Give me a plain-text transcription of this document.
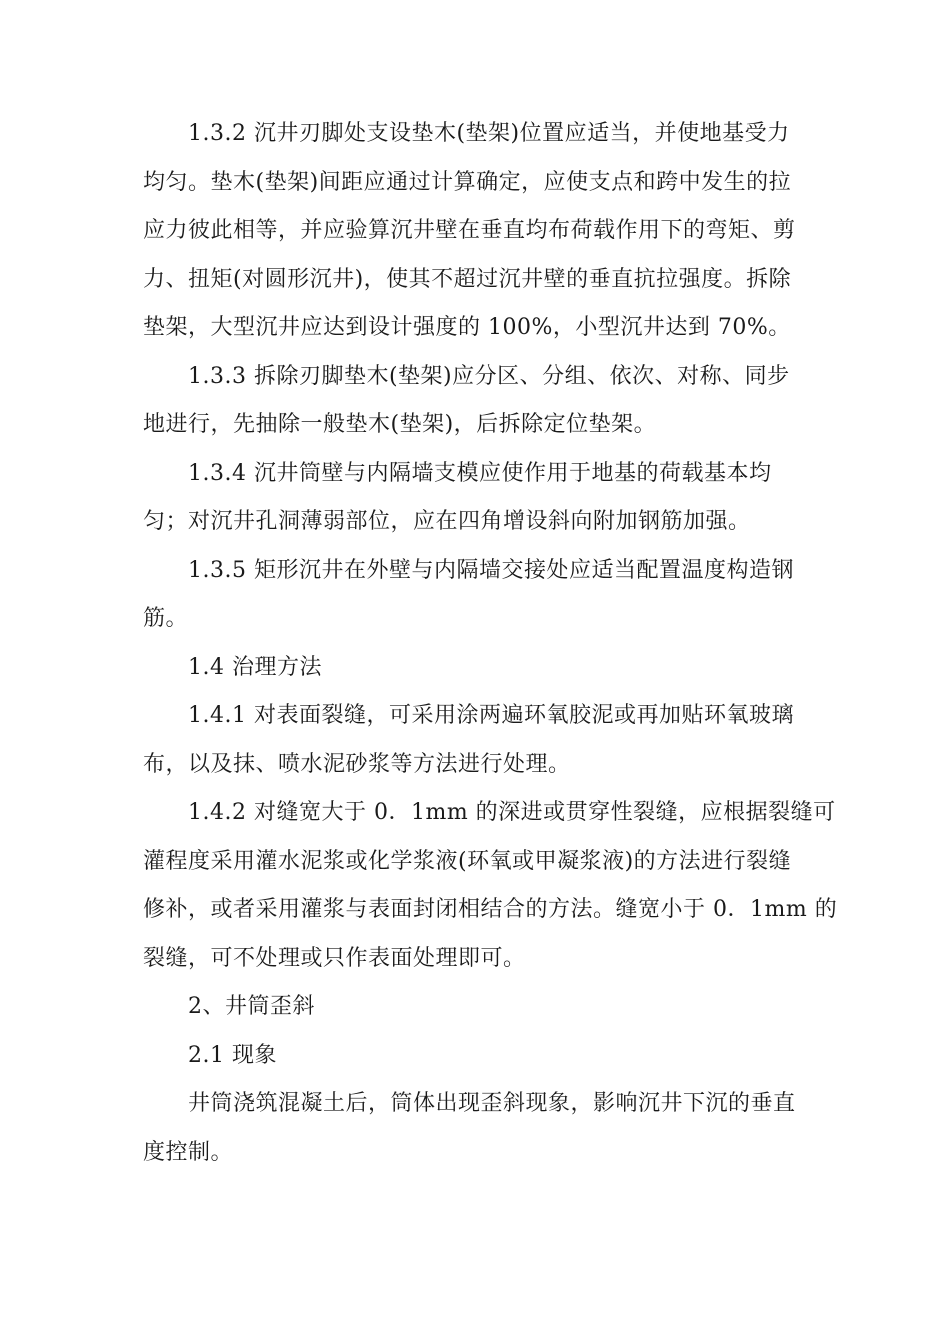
1.3.2 沉井刃脚处支设垫木(垫架)位置应适当，并使地基受力
均匀。垫木(垫架)间距应通过计算确定，应使支点和跨中发生的拉
应力彼此相等，并应验算沉井壁在垂直均布荷载作用下的弯矩、剪
力、扭矩(对圆形沉井)，使其不超过沉井壁的垂直抗拉强度。拆除
垫架，大型沉井应达到设计强度的 100%，小型沉井达到 70%。
1.3.3 拆除刃脚垫木(垫架)应分区、分组、依次、对称、同步
地进行，先抽除一般垫木(垫架)，后拆除定位垫架。
1.3.4 沉井筒壁与内隔墙支模应使作用于地基的荷载基本均
匀；对沉井孔洞薄弱部位，应在四角增设斜向附加钢筋加强。
1.3.5 矩形沉井在外壁与内隔墙交接处应适当配置温度构造钢
筋。
1.4 治理方法
1.4.1 对表面裂缝，可采用涂两遍环氧胶泥或再加贴环氧玻璃
布，以及抹、喷水泥砂浆等方法进行处理。
1.4.2 对缝宽大于 0．1mm 的深进或贯穿性裂缝，应根据裂缝可
灌程度采用灌水泥浆或化学浆液(环氧或甲凝浆液)的方法进行裂缝
修补，或者采用灌浆与表面封闭相结合的方法。缝宽小于 0．1mm 的
裂缝，可不处理或只作表面处理即可。
2、井筒歪斜
2.1 现象
井筒浇筑混凝土后，筒体出现歪斜现象，影响沉井下沉的垂直
度控制。
